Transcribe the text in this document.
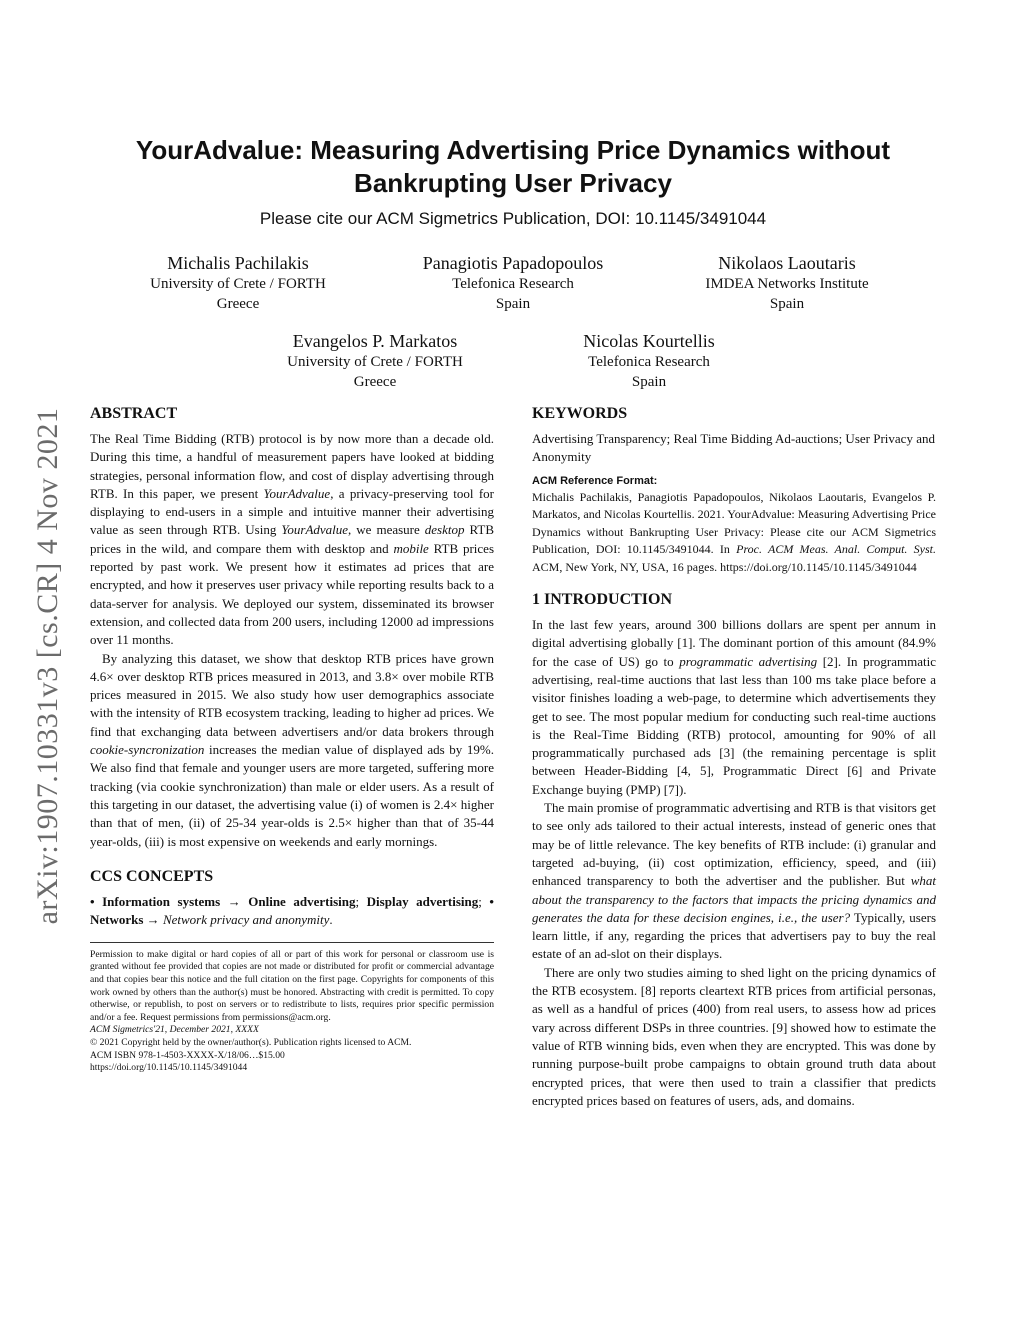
arXiv:1907.10331v3 [cs.CR] 4 Nov 2021
YourAdvalue: Measuring Advertising Price Dynamics without Bankrupting User Privacy
Please cite our ACM Sigmetrics Publication, DOI: 10.1145/3491044
Michalis Pachilakis
University of Crete / FORTH
Greece
Panagiotis Papadopoulos
Telefonica Research
Spain
Nikolaos Laoutaris
IMDEA Networks Institute
Spain
Evangelos P. Markatos
University of Crete / FORTH
Greece
Nicolas Kourtellis
Telefonica Research
Spain
ABSTRACT

The Real Time Bidding (RTB) protocol is by now more than a decade old. During this time, a handful of measurement papers have looked at bidding strategies, personal information flow, and cost of display advertising through RTB. In this paper, we present YourAdvalue, a privacy-preserving tool for displaying to end-users in a simple and intuitive manner their advertising value as seen through RTB. Using YourAdvalue, we measure desktop RTB prices in the wild, and compare them with desktop and mobile RTB prices reported by past work. We present how it estimates ad prices that are encrypted, and how it preserves user privacy while reporting results back to a data-server for analysis. We deployed our system, disseminated its browser extension, and collected data from 200 users, including 12000 ad impressions over 11 months.

By analyzing this dataset, we show that desktop RTB prices have grown 4.6× over desktop RTB prices measured in 2013, and 3.8× over mobile RTB prices measured in 2015. We also study how user demographics associate with the intensity of RTB ecosystem tracking, leading to higher ad prices. We find that exchanging data between advertisers and/or data brokers through cookie-syncronization increases the median value of displayed ads by 19%. We also find that female and younger users are more targeted, suffering more tracking (via cookie synchronization) than male or elder users. As a result of this targeting in our dataset, the advertising value (i) of women is 2.4× higher than that of men, (ii) of 25-34 year-olds is 2.5× higher than that of 35-44 year-olds, (iii) is most expensive on weekends and early mornings.

CCS CONCEPTS
• Information systems → Online advertising; Display advertising; • Networks → Network privacy and anonymity.

Permission to make digital or hard copies of all or part of this work for personal or classroom use is granted without fee provided that copies are not made or distributed for profit or commercial advantage and that copies bear this notice and the full citation on the first page. Copyrights for components of this work owned by others than the author(s) must be honored. Abstracting with credit is permitted. To copy otherwise, or republish, to post on servers or to redistribute to lists, requires prior specific permission and/or a fee. Request permissions from permissions@acm.org.

ACM Sigmetrics'21, December 2021, XXXX

© 2021 Copyright held by the owner/author(s). Publication rights licensed to ACM.

ACM ISBN 978-1-4503-XXXX-X/18/06…$15.00

https://doi.org/10.1145/10.1145/3491044

KEYWORDS

Advertising Transparency; Real Time Bidding Ad-auctions; User Privacy and Anonymity

ACM Reference Format:
Michalis Pachilakis, Panagiotis Papadopoulos, Nikolaos Laoutaris, Evangelos P. Markatos, and Nicolas Kourtellis. 2021. YourAdvalue: Measuring Advertising Price Dynamics without Bankrupting User Privacy: Please cite our ACM Sigmetrics Publication, DOI: 10.1145/3491044. In Proc. ACM Meas. Anal. Comput. Syst. ACM, New York, NY, USA, 16 pages. https://doi.org/10.1145/10.1145/3491044
1 INTRODUCTION

In the last few years, around 300 billions dollars are spent per annum in digital advertising globally [1]. The dominant portion of this amount (84.9% for the case of US) go to programmatic advertising [2]. In programmatic advertising, real-time auctions that last less than 100 ms take place before a visitor finishes loading a web-page, to determine which advertisements they get to see. The most popular medium for conducting such real-time auctions is the Real-Time Bidding (RTB) protocol, amounting for 90% of all programmatically purchased ads [3] (the remaining percentage is split between Header-Bidding [4, 5], Programmatic Direct [6] and Private Exchange buying (PMP) [7]).

The main promise of programmatic advertising and RTB is that visitors get to see only ads tailored to their actual interests, instead of generic ones that may be of little relevance. The key benefits of RTB include: (i) granular and targeted ad-buying, (ii) cost optimization, efficiency, speed, and (iii) enhanced transparency to both the advertiser and the publisher. But what about the transparency to the factors that impacts the pricing dynamics and generates the data for these decision engines, i.e., the user? Typically, users learn little, if any, regarding the prices that advertisers pay to buy the real estate of an ad-slot on their displays.

There are only two studies aiming to shed light on the pricing dynamics of the RTB ecosystem. [8] reports cleartext RTB prices from artificial personas, as well as a handful of prices (400) from real users, to assess how ad prices vary across different DSPs in three countries. [9] showed how to estimate the value of RTB winning bids, even when they are encrypted. This was done by running purpose-built probe campaigns to obtain ground truth data about encrypted prices, that were then used to train a classifier that predicts encrypted prices based on features of users, ads, and domains.
